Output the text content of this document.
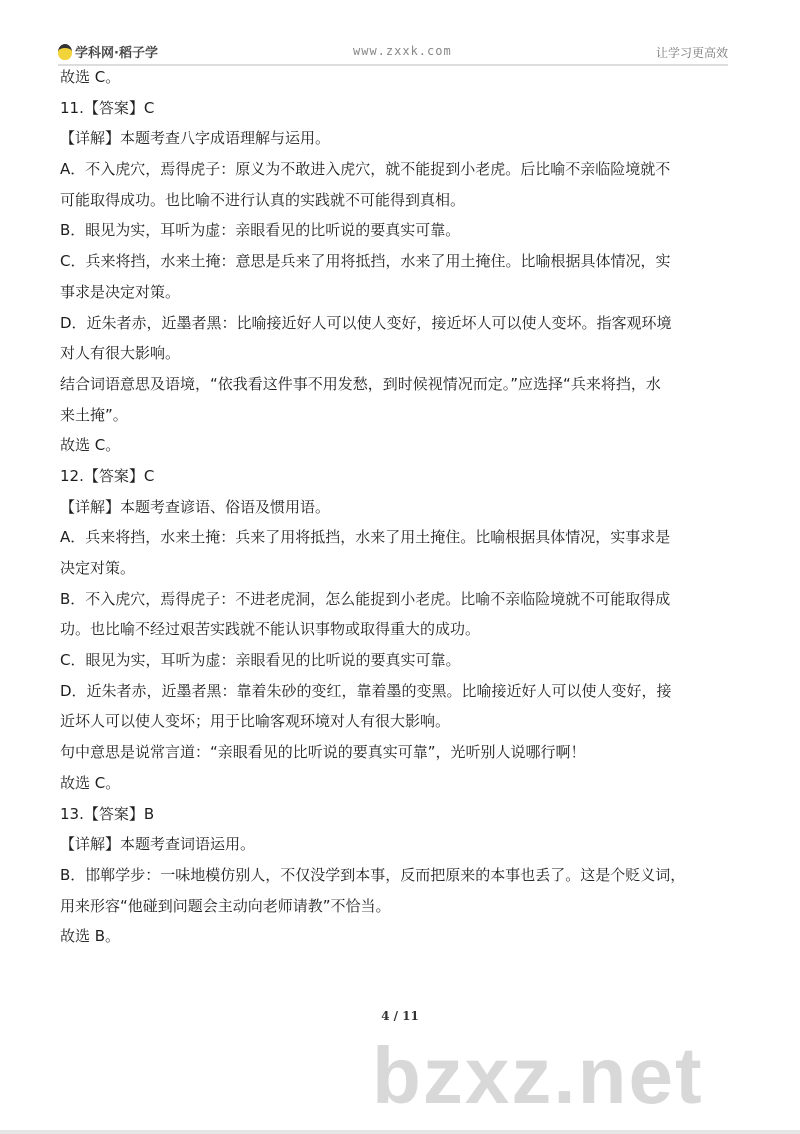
学科网·稻子学	www.zxxk.com	让学习更高效
故选 C。
11.【答案】C
【详解】本题考查八字成语理解与运用。
A．不入虎穴，焉得虎子：原义为不敢进入虎穴，就不能捉到小老虎。后比喻不亲临险境就不
可能取得成功。也比喻不进行认真的实践就不可能得到真相。
B．眼见为实，耳听为虚：亲眼看见的比听说的要真实可靠。
C．兵来将挡，水来土掩：意思是兵来了用将抵挡，水来了用土掩住。比喻根据具体情况，实
事求是决定对策。
D．近朱者赤，近墨者黑：比喻接近好人可以使人变好，接近坏人可以使人变坏。指客观环境
对人有很大影响。
结合词语意思及语境，“依我看这件事不用发愁，到时候视情况而定。”应选择“兵来将挡，水
来土掩”。
故选 C。
12.【答案】C
【详解】本题考查谚语、俗语及惯用语。
A．兵来将挡，水来土掩：兵来了用将抵挡，水来了用土掩住。比喻根据具体情况，实事求是
决定对策。
B．不入虎穴，焉得虎子：不进老虎洞，怎么能捉到小老虎。比喻不亲临险境就不可能取得成
功。也比喻不经过艰苦实践就不能认识事物或取得重大的成功。
C．眼见为实，耳听为虚：亲眼看见的比听说的要真实可靠。
D．近朱者赤，近墨者黑：靠着朱砂的变红，靠着墨的变黑。比喻接近好人可以使人变好，接
近坏人可以使人变坏；用于比喻客观环境对人有很大影响。
句中意思是说常言道：“亲眼看见的比听说的要真实可靠”，光听别人说哪行啊！
故选 C。
13.【答案】B
【详解】本题考查词语运用。
B．邯郸学步：一味地模仿别人，不仅没学到本事，反而把原来的本事也丢了。这是个贬义词，
用来形容“他碰到问题会主动向老师请教”不恰当。
故选 B。
4 / 11
bzxz.net
